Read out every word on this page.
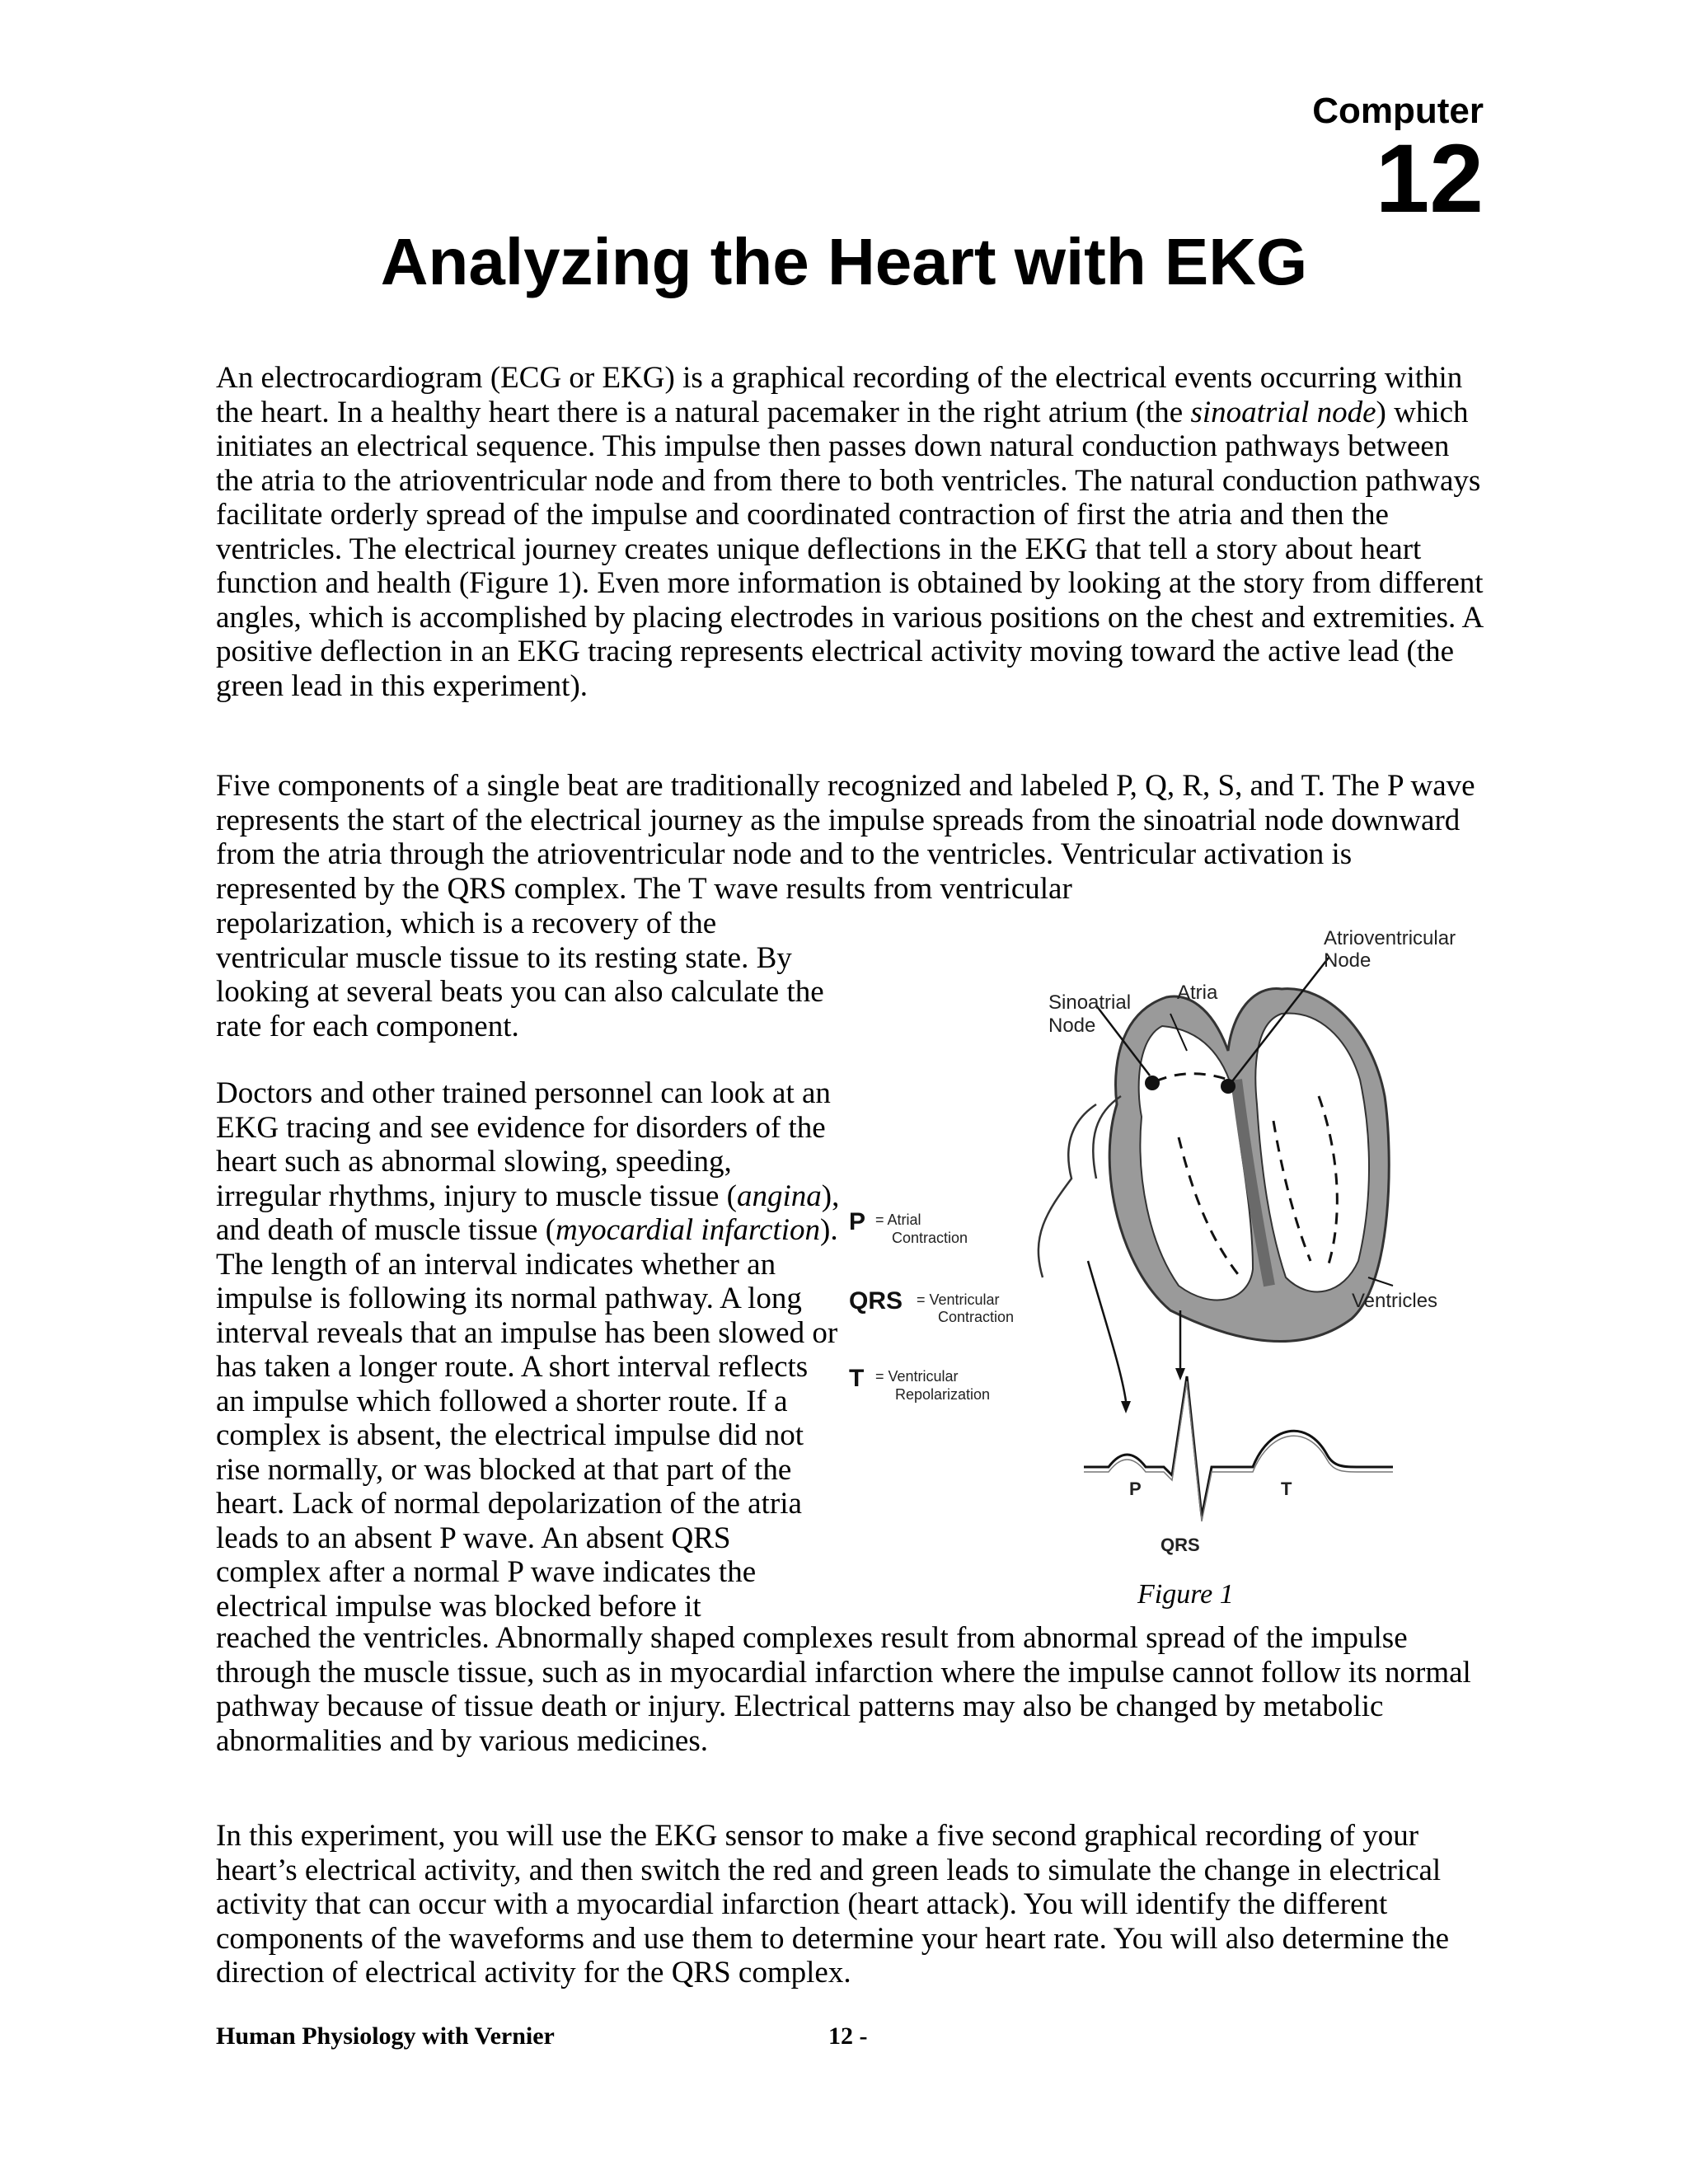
Computer
12
Analyzing the Heart with EKG

An electrocardiogram (ECG or EKG) is a graphical recording of the electrical events occurring within the heart. In a healthy heart there is a natural pacemaker in the right atrium (the sinoatrial node) which initiates an electrical sequence. This impulse then passes down natural conduction pathways between the atria to the atrioventricular node and from there to both ventricles. The natural conduction pathways facilitate orderly spread of the impulse and coordinated contraction of first the atria and then the ventricles. The electrical journey creates unique deflections in the EKG that tell a story about heart function and health (Figure 1). Even more information is obtained by looking at the story from different angles, which is accomplished by placing electrodes in various positions on the chest and extremities. A positive deflection in an EKG tracing represents electrical activity moving toward the active lead (the green lead in this experiment).

Five components of a single beat are traditionally recognized and labeled P, Q, R, S, and T. The P wave represents the start of the electrical journey as the impulse spreads from the sinoatrial node downward from the atria through the atrioventricular node and to the ventricles. Ventricular activation is represented by the QRS complex. The T wave results from ventricular

repolarization, which is a recovery of the ventricular muscle tissue to its resting state. By looking at several beats you can also calculate the rate for each component.

Doctors and other trained personnel can look at an EKG tracing and see evidence for disorders of the heart such as abnormal slowing, speeding, irregular rhythms, injury to muscle tissue (angina), and death of muscle tissue (myocardial infarction). The length of an interval indicates whether an impulse is following its normal pathway. A long interval reveals that an impulse has been slowed or has taken a longer route. A short interval reflects an impulse which followed a shorter route. If a complex is absent, the electrical impulse did not rise normally, or was blocked at that part of the heart. Lack of normal depolarization of the atria leads to an absent P wave. An absent QRS complex after a normal P wave indicates the electrical impulse was blocked before it

reached the ventricles. Abnormally shaped complexes result from abnormal spread of the impulse through the muscle tissue, such as in myocardial infarction where the impulse cannot follow its normal pathway because of tissue death or injury. Electrical patterns may also be changed by metabolic abnormalities and by various medicines.

In this experiment, you will use the EKG sensor to make a five second graphical recording of your heart’s electrical activity, and then switch the red and green leads to simulate the change in electrical activity that can occur with a myocardial infarction (heart attack). You will identify the different components of the waveforms and use them to determine your heart rate. You will also determine the direction of electrical activity for the QRS complex.

Atrioventricular
Node
Atria
Sinoatrial
Node
Ventricles
P	T
QRS
P = Atrial
Contraction
QRS = Ventricular
Contraction
T = Ventricular
Repolarization
Figure 1
Human Physiology with Vernier	12 -
